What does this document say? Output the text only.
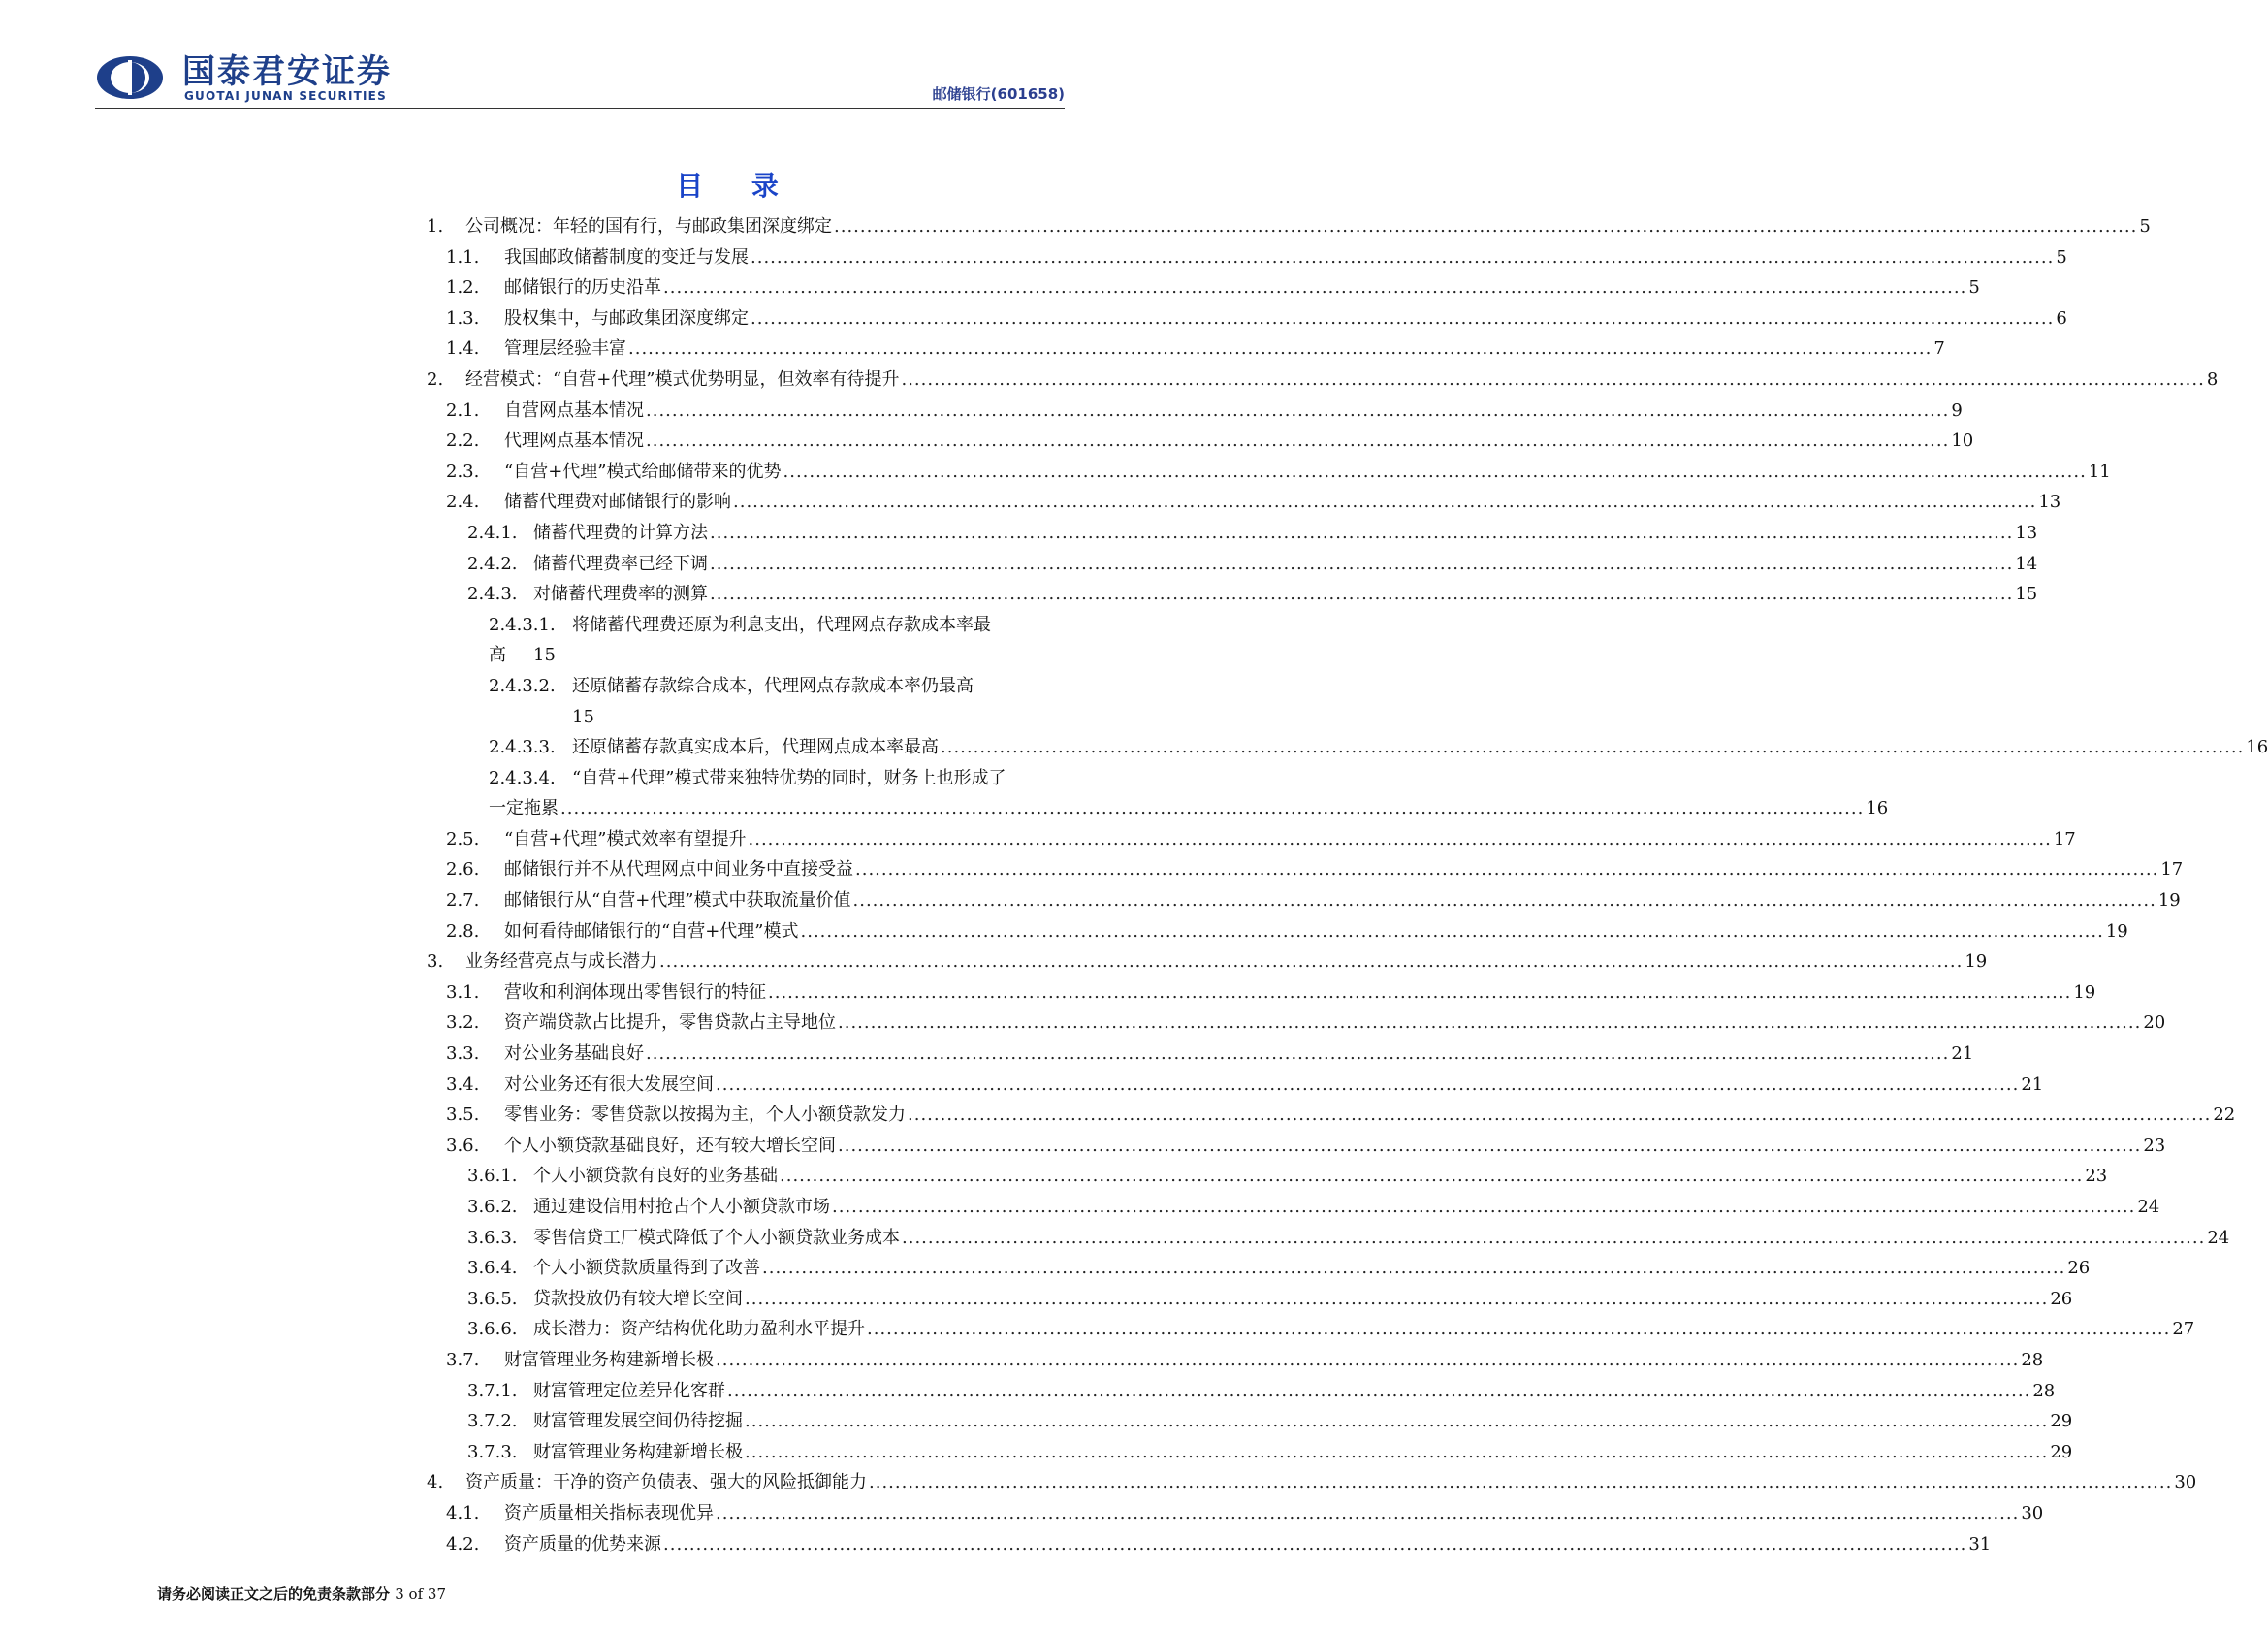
国泰君安证券
GUOTAI JUNAN SECURITIES	邮储银行(601658)
目 录
1.	公司概况：年轻的国有行，与邮政集团深度绑定 .....	5
1.1.	我国邮政储蓄制度的变迁与发展 .....	5
1.2.	邮储银行的历史沿革 .....	5
1.3.	股权集中，与邮政集团深度绑定 .....	6
1.4.	管理层经验丰富 .....	7
2.	经营模式：“自营+代理”模式优势明显，但效率有待提升 .....	8
2.1.	自营网点基本情况 .....	9
2.2.	代理网点基本情况 .....	10
2.3.	“自营+代理”模式给邮储带来的优势 .....	11
2.4.	储蓄代理费对邮储银行的影响 .....	13
2.4.1. 储蓄代理费的计算方法 .....	13
2.4.2. 储蓄代理费率已经下调 .....	14
2.4.3. 对储蓄代理费率的测算 .....	15
2.4.3.1. 将储蓄代理费还原为利息支出，代理网点存款成本率最
高 15
2.4.3.2. 还原储蓄存款综合成本，代理网点存款成本率仍最高
15
2.4.3.3. 还原储蓄存款真实成本后，代理网点成本率最高 .....	16
2.4.3.4. “自营+代理”模式带来独特优势的同时，财务上也形成了
一定拖累 .....	16
2.5.	“自营+代理”模式效率有望提升 .....	17
2.6.	邮储银行并不从代理网点中间业务中直接受益 .....	17
2.7.	邮储银行从“自营+代理”模式中获取流量价值 .....	19
2.8.	如何看待邮储银行的“自营+代理”模式 .....	19
3.	业务经营亮点与成长潜力 .....	19
3.1.	营收和利润体现出零售银行的特征 .....	19
3.2.	资产端贷款占比提升，零售贷款占主导地位 .....	20
3.3.	对公业务基础良好 .....	21
3.4.	对公业务还有很大发展空间 .....	21
3.5.	零售业务：零售贷款以按揭为主，个人小额贷款发力 .....	22
3.6.	个人小额贷款基础良好，还有较大增长空间 .....	23
3.6.1. 个人小额贷款有良好的业务基础 .....	23
3.6.2. 通过建设信用村抢占个人小额贷款市场 .....	24
3.6.3. 零售信贷工厂模式降低了个人小额贷款业务成本 .....	24
3.6.4. 个人小额贷款质量得到了改善 .....	26
3.6.5. 贷款投放仍有较大增长空间 .....	26
3.6.6. 成长潜力：资产结构优化助力盈利水平提升 .....	27
3.7.	财富管理业务构建新增长极 .....	28
3.7.1. 财富管理定位差异化客群 .....	28
3.7.2. 财富管理发展空间仍待挖掘 .....	29
3.7.3. 财富管理业务构建新增长极 .....	29
4.	资产质量：干净的资产负债表、强大的风险抵御能力 .....	30
4.1.	资产质量相关指标表现优异 .....	30
4.2.	资产质量的优势来源 .....	31
请务必阅读正文之后的免责条款部分 3 of 37
